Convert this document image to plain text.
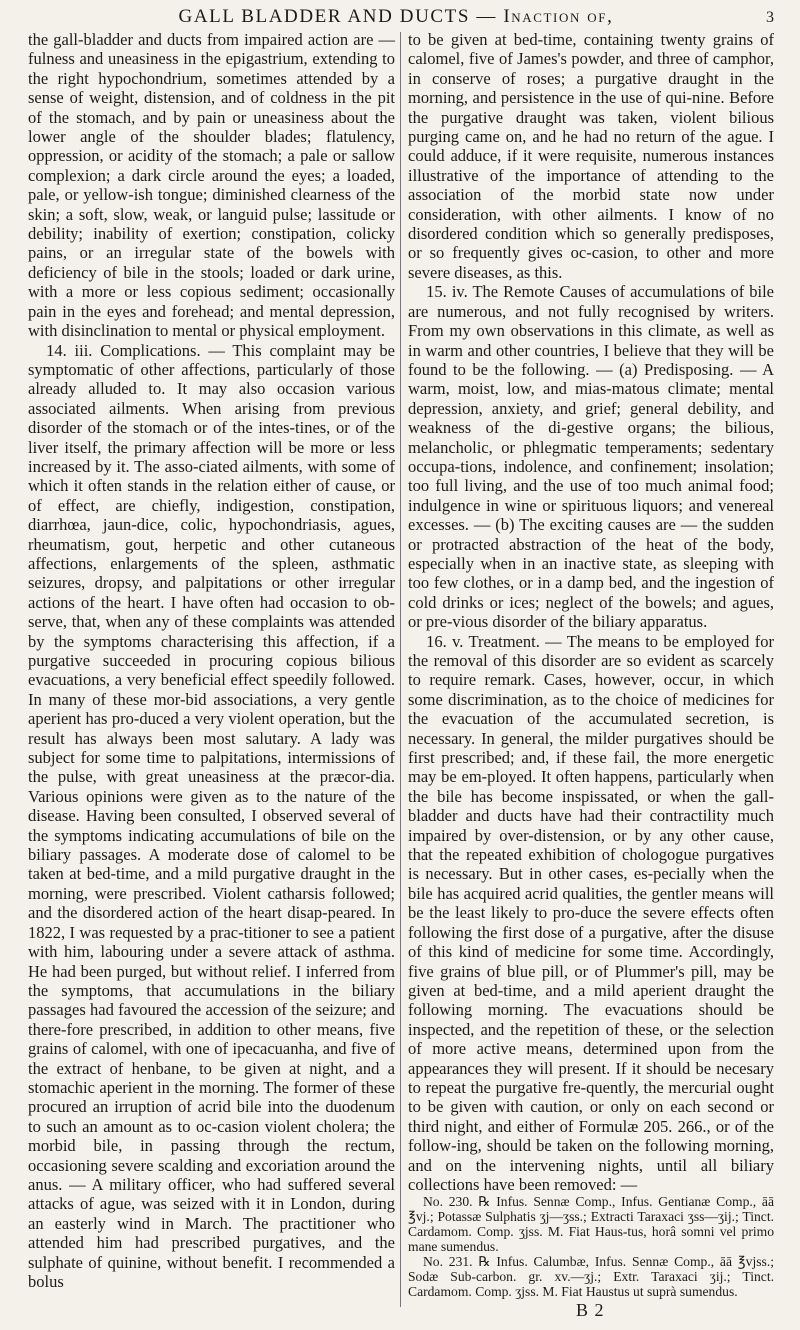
GALL BLADDER AND DUCTS — Inaction of,	3

the gall-bladder and ducts from impaired action are — fulness and uneasiness in the epigastrium, extending to the right hypochondrium, sometimes attended by a sense of weight, distension, and of coldness in the pit of the stomach, and by pain or uneasiness about the lower angle of the shoulder blades; flatulency, oppression, or acidity of the stomach; a pale or sallow complexion; a dark circle around the eyes; a loaded, pale, or yellow-ish tongue; diminished clearness of the skin; a soft, slow, weak, or languid pulse; lassitude or debility; inability of exertion; constipation, colicky pains, or an irregular state of the bowels with deficiency of bile in the stools; loaded or dark urine, with a more or less copious sediment; occasionally pain in the eyes and forehead; and mental depression, with disinclination to mental or physical employment.

14. iii. Complications. — This complaint may be symptomatic of other affections, particularly of those already alluded to. It may also occasion various associated ailments. When arising from previous disorder of the stomach or of the intes-tines, or of the liver itself, the primary affection will be more or less increased by it. The asso-ciated ailments, with some of which it often stands in the relation either of cause, or of effect, are chiefly, indigestion, constipation, diarrhœa, jaun-dice, colic, hypochondriasis, agues, rheumatism, gout, herpetic and other cutaneous affections, enlargements of the spleen, asthmatic seizures, dropsy, and palpitations or other irregular actions of the heart. I have often had occasion to ob-serve, that, when any of these complaints was attended by the symptoms characterising this affection, if a purgative succeeded in procuring copious bilious evacuations, a very beneficial effect speedily followed. In many of these mor-bid associations, a very gentle aperient has pro-duced a very violent operation, but the result has always been most salutary. A lady was subject for some time to palpitations, intermissions of the pulse, with great uneasiness at the præcor-dia. Various opinions were given as to the nature of the disease. Having been consulted, I observed several of the symptoms indicating accumulations of bile on the biliary passages. A moderate dose of calomel to be taken at bed-time, and a mild purgative draught in the morning, were prescribed. Violent catharsis followed; and the disordered action of the heart disap-peared. In 1822, I was requested by a prac-titioner to see a patient with him, labouring under a severe attack of asthma. He had been purged, but without relief. I inferred from the symptoms, that accumulations in the biliary passages had favoured the accession of the seizure; and there-fore prescribed, in addition to other means, five grains of calomel, with one of ipecacuanha, and five of the extract of henbane, to be given at night, and a stomachic aperient in the morning. The former of these procured an irruption of acrid bile into the duodenum to such an amount as to oc-casion violent cholera; the morbid bile, in passing through the rectum, occasioning severe scalding and excoriation around the anus. — A military officer, who had suffered several attacks of ague, was seized with it in London, during an easterly wind in March. The practitioner who attended him had prescribed purgatives, and the sulphate of quinine, without benefit. I recommended a bolus

to be given at bed-time, containing twenty grains of calomel, five of James's powder, and three of camphor, in conserve of roses; a purgative draught in the morning, and persistence in the use of qui-nine. Before the purgative draught was taken, violent bilious purging came on, and he had no return of the ague. I could adduce, if it were requisite, numerous instances illustrative of the importance of attending to the association of the morbid state now under consideration, with other ailments. I know of no disordered condition which so generally predisposes, or so frequently gives oc-casion, to other and more severe diseases, as this.

15. iv. The Remote Causes of accumulations of bile are numerous, and not fully recognised by writers. From my own observations in this climate, as well as in warm and other countries, I believe that they will be found to be the following. — (a) Predisposing. — A warm, moist, low, and mias-matous climate; mental depression, anxiety, and grief; general debility, and weakness of the di-gestive organs; the bilious, melancholic, or phlegmatic temperaments; sedentary occupa-tions, indolence, and confinement; insolation; too full living, and the use of too much animal food; indulgence in wine or spirituous liquors; and venereal excesses. — (b) The exciting causes are — the sudden or protracted abstraction of the heat of the body, especially when in an inactive state, as sleeping with too few clothes, or in a damp bed, and the ingestion of cold drinks or ices; neglect of the bowels; and agues, or pre-vious disorder of the biliary apparatus.

16. v. Treatment. — The means to be employed for the removal of this disorder are so evident as scarcely to require remark. Cases, however, occur, in which some discrimination, as to the choice of medicines for the evacuation of the accumulated secretion, is necessary. In general, the milder purgatives should be first prescribed; and, if these fail, the more energetic may be em-ployed. It often happens, particularly when the bile has become inspissated, or when the gall-bladder and ducts have had their contractility much impaired by over-distension, or by any other cause, that the repeated exhibition of chologogue purgatives is necessary. But in other cases, es-pecially when the bile has acquired acrid qualities, the gentler means will be the least likely to pro-duce the severe effects often following the first dose of a purgative, after the disuse of this kind of medicine for some time. Accordingly, five grains of blue pill, or of Plummer's pill, may be given at bed-time, and a mild aperient draught the following morning. The evacuations should be inspected, and the repetition of these, or the selection of more active means, determined upon from the appearances they will present. If it should be necesary to repeat the purgative fre-quently, the mercurial ought to be given with caution, or only on each second or third night, and either of Formulæ 205. 266., or of the follow-ing, should be taken on the following morning, and on the intervening nights, until all biliary collections have been removed: —

No. 230. ℞ Infus. Sennæ Comp., Infus. Gentianæ Comp., āā ℥vj.; Potassæ Sulphatis ʒj—ʒss.; Extracti Taraxaci ʒss—ʒij.; Tinct. Cardamom. Comp. ʒjss. M. Fiat Haus-tus, horâ somni vel primo mane sumendus.

No. 231. ℞ Infus. Calumbæ, Infus. Sennæ Comp., āā ℥vjss.; Sodæ Sub-carbon. gr. xv.—ʒj.; Extr. Taraxaci ʒij.; Tinct. Cardamom. Comp. ʒjss. M. Fiat Haustus ut suprà sumendus.

B 2
